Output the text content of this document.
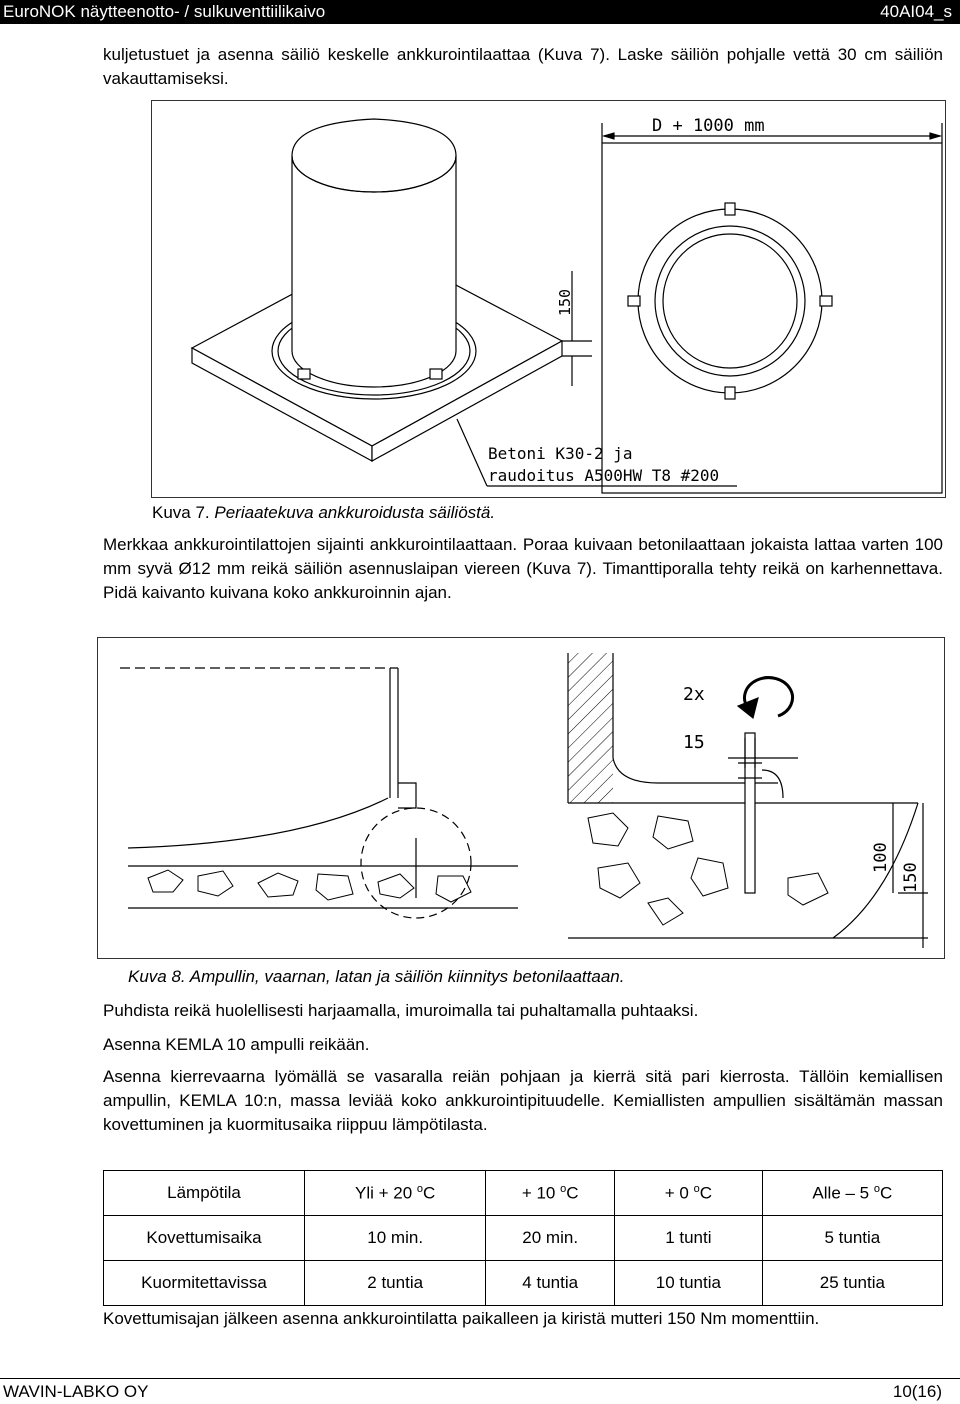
EuroNOK näytteenotto- / sulkuventtiilikaivo	40AI04_s
kuljetustuet ja asenna säiliö keskelle ankkurointilaattaa (Kuva 7). Laske säiliön pohjalle vettä 30 cm säiliön vakauttamiseksi.
D + 1000 mm
150
Betoni K30-2 ja
raudoitus A500HW T8 #200
Kuva 7. Periaatekuva ankkuroidusta säiliöstä.
Merkkaa ankkurointilattojen sijainti ankkurointilaattaan. Poraa kuivaan betonilaattaan jokaista lattaa varten 100 mm syvä Ø12 mm reikä säiliön asennuslaipan viereen (Kuva 7). Timanttiporalla tehty reikä on karhennettava. Pidä kaivanto kuivana koko ankkuroinnin ajan.
2x
15
100
150
Kuva 8. Ampullin, vaarnan, latan ja säiliön kiinnitys betonilaattaan.
Puhdista reikä huolellisesti harjaamalla, imuroimalla tai puhaltamalla puhtaaksi.
Asenna KEMLA 10 ampulli reikään.
Asenna kierrevaarna lyömällä se vasaralla reiän pohjaan ja kierrä sitä pari kierrosta. Tällöin kemiallisen ampullin, KEMLA 10:n, massa leviää koko ankkurointipituudelle. Kemiallisten ampullien sisältämän massan kovettuminen ja kuormitusaika riippuu lämpötilasta.
Lämpötila	Yli + 20 $^o$C	+ 10 $^o$C	+ 0 $^o$C	Alle – 5 $^o$C
Kovettumisaika	10 min.	20 min.	1 tunti	5 tuntia
Kuormitettavissa	2 tuntia	4 tuntia	10 tuntia	25 tuntia
Kovettumisajan jälkeen asenna ankkurointilatta paikalleen ja kiristä mutteri 150 Nm momenttiin.
WAVIN-LABKO OY	10(16)
